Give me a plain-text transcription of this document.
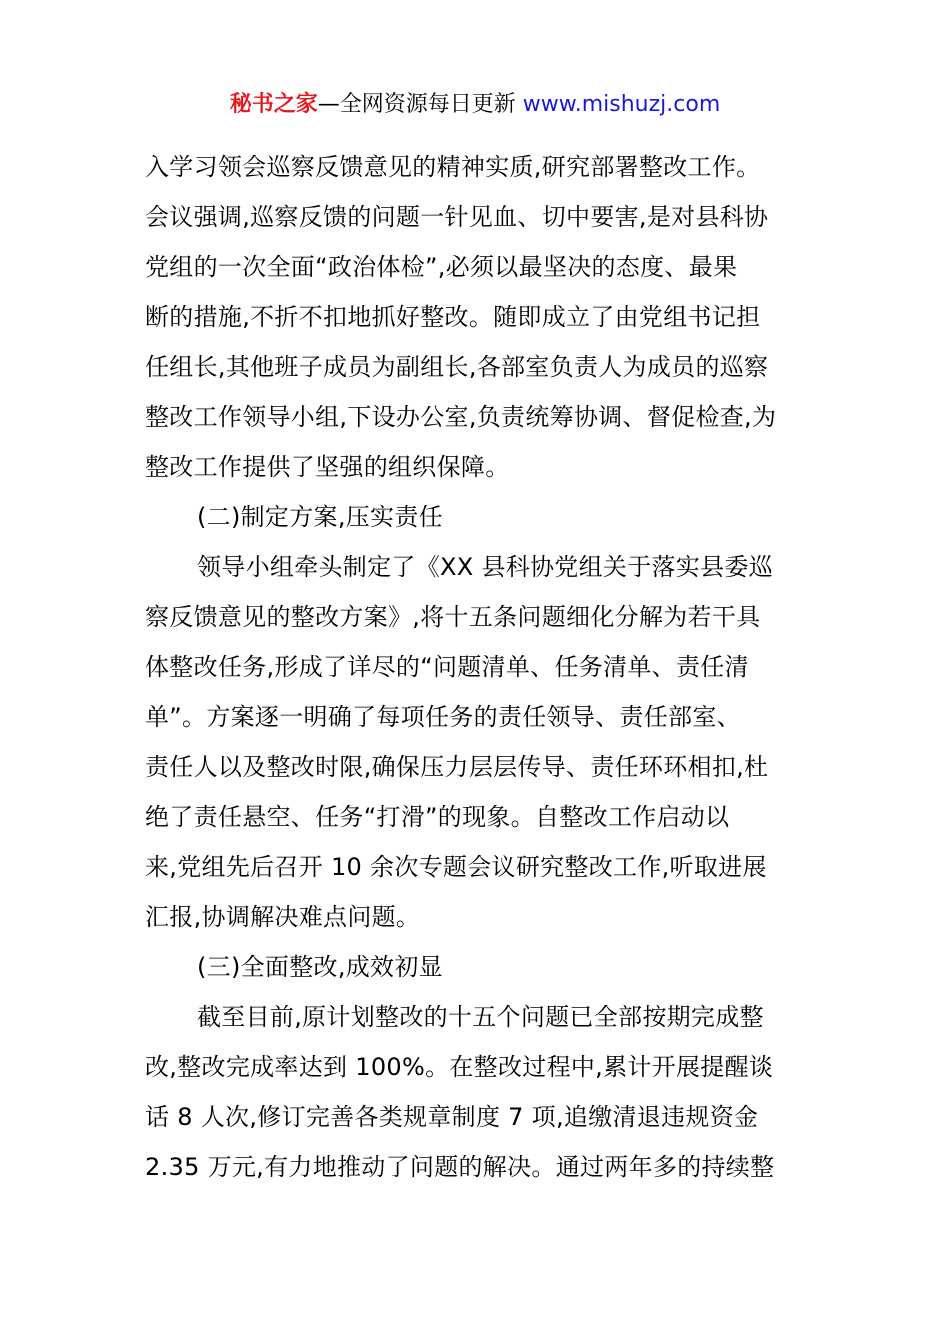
秘书之家—全网资源每日更新 www.mishuzj.com
入学习领会巡察反馈意见的精神实质,研究部署整改工作。
会议强调,巡察反馈的问题一针见血、切中要害,是对县科协
党组的一次全面“政治体检”,必须以最坚决的态度、最果
断的措施,不折不扣地抓好整改。随即成立了由党组书记担
任组长,其他班子成员为副组长,各部室负责人为成员的巡察
整改工作领导小组,下设办公室,负责统筹协调、督促检查,为
整改工作提供了坚强的组织保障。
(二)制定方案,压实责任
领导小组牵头制定了《XX 县科协党组关于落实县委巡
察反馈意见的整改方案》,将十五条问题细化分解为若干具
体整改任务,形成了详尽的“问题清单、任务清单、责任清
单”。方案逐一明确了每项任务的责任领导、责任部室、
责任人以及整改时限,确保压力层层传导、责任环环相扣,杜
绝了责任悬空、任务“打滑”的现象。自整改工作启动以
来,党组先后召开 10 余次专题会议研究整改工作,听取进展
汇报,协调解决难点问题。
(三)全面整改,成效初显
截至目前,原计划整改的十五个问题已全部按期完成整
改,整改完成率达到 100%。在整改过程中,累计开展提醒谈
话 8 人次,修订完善各类规章制度 7 项,追缴清退违规资金
2.35 万元,有力地推动了问题的解决。通过两年多的持续整
